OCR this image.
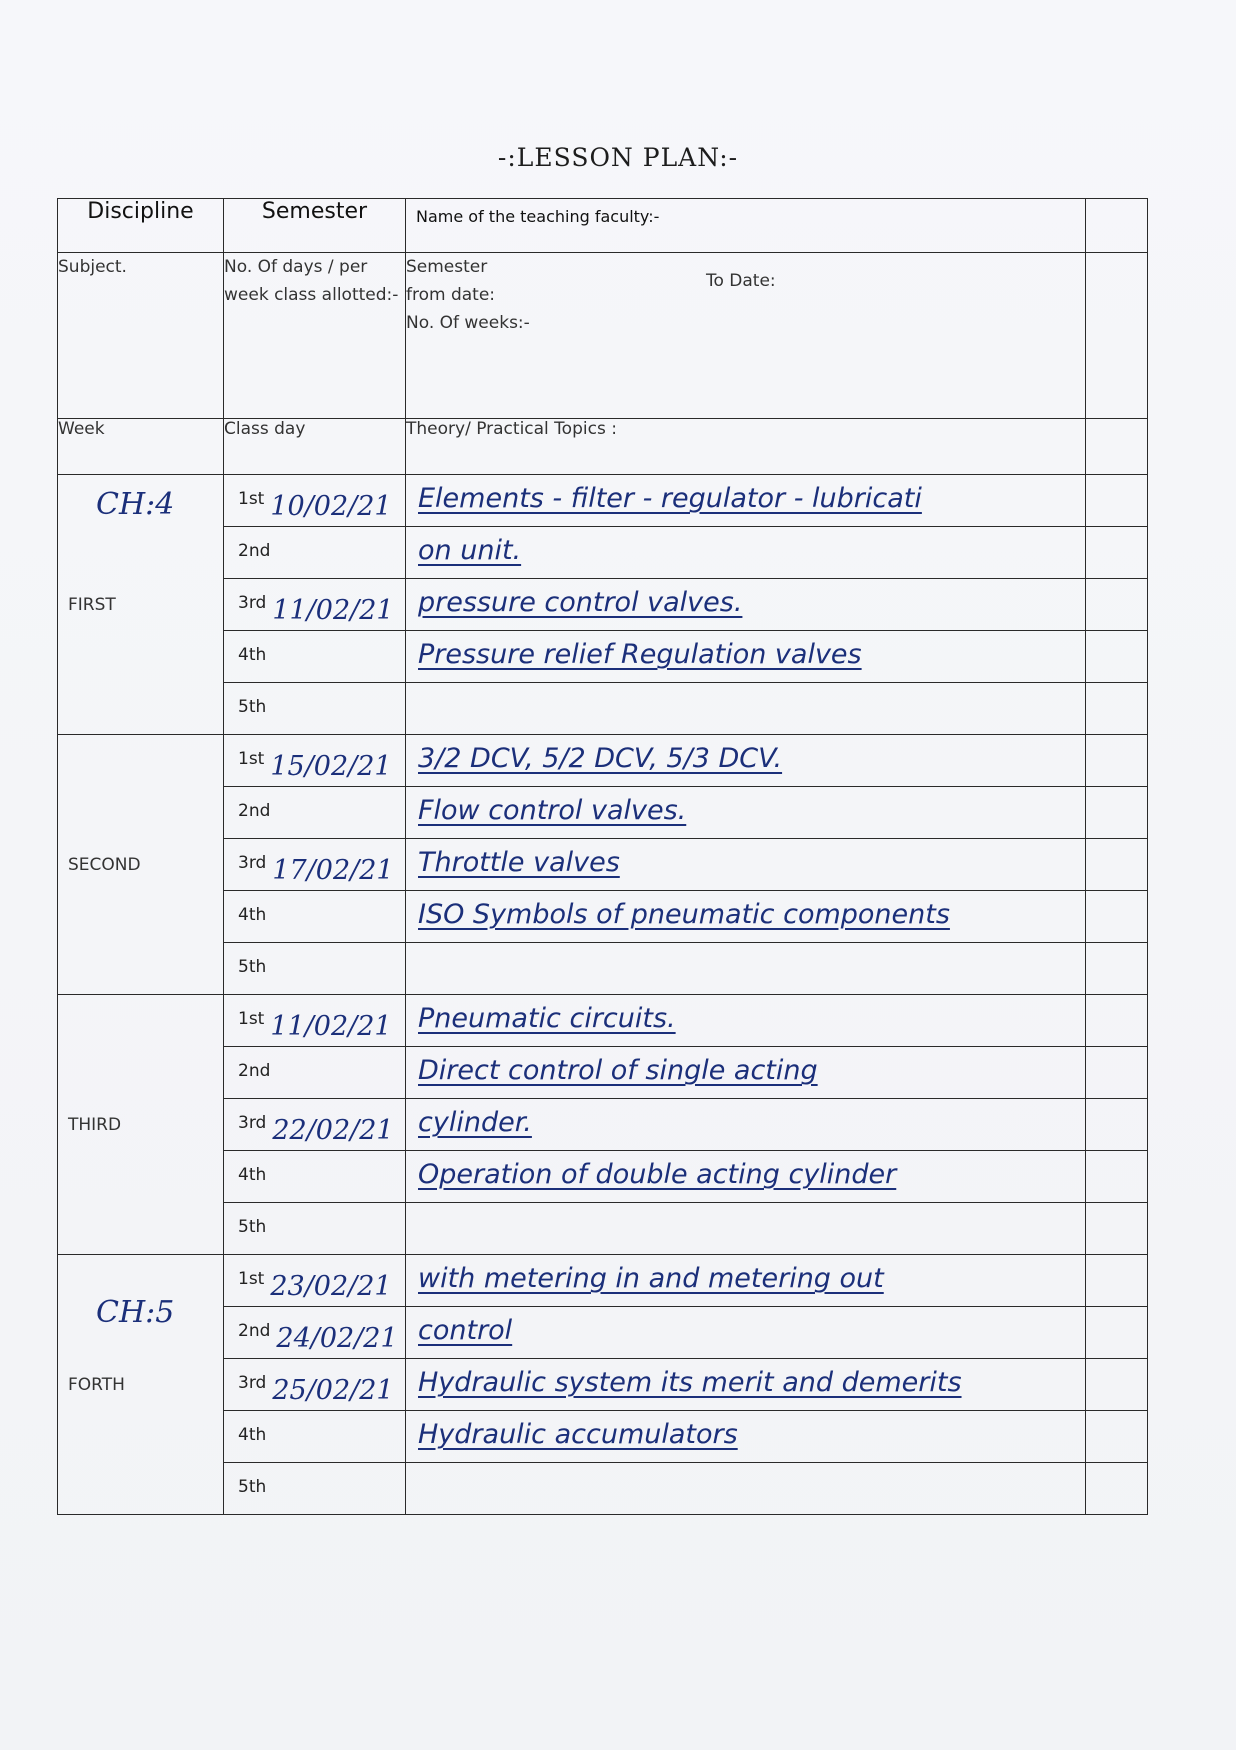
-:LESSON PLAN:-
Discipline	Semester	Name of the teaching faculty:-	
Subject.	No. Of days / per week class allotted:-	Semester
from date:
To Date:
No. Of weeks:-	

Week	Class day	Theory/ Practical Topics :	

CH:4
FIRST	1st 10/02/21	Elements - filter - regulator - lubricati	
	2nd	on unit.	
	3rd 11/02/21	pressure control valves.	
	4th	Pressure relief Regulation valves	
	5th		

SECOND	1st 15/02/21	3/2 DCV, 5/2 DCV, 5/3 DCV.	
	2nd	Flow control valves.	
	3rd 17/02/21	Throttle valves	
	4th	ISO Symbols of pneumatic components	
	5th		

THIRD	1st 11/02/21	Pneumatic circuits.	
	2nd	Direct control of single acting	
	3rd 22/02/21	cylinder.	
	4th	Operation of double acting cylinder	
	5th		

CH:5
FORTH	1st 23/02/21	with metering in and metering out	
	2nd 24/02/21	control	
	3rd 25/02/21	Hydraulic system its merit and demerits	
	4th	Hydraulic accumulators	
	5th		
